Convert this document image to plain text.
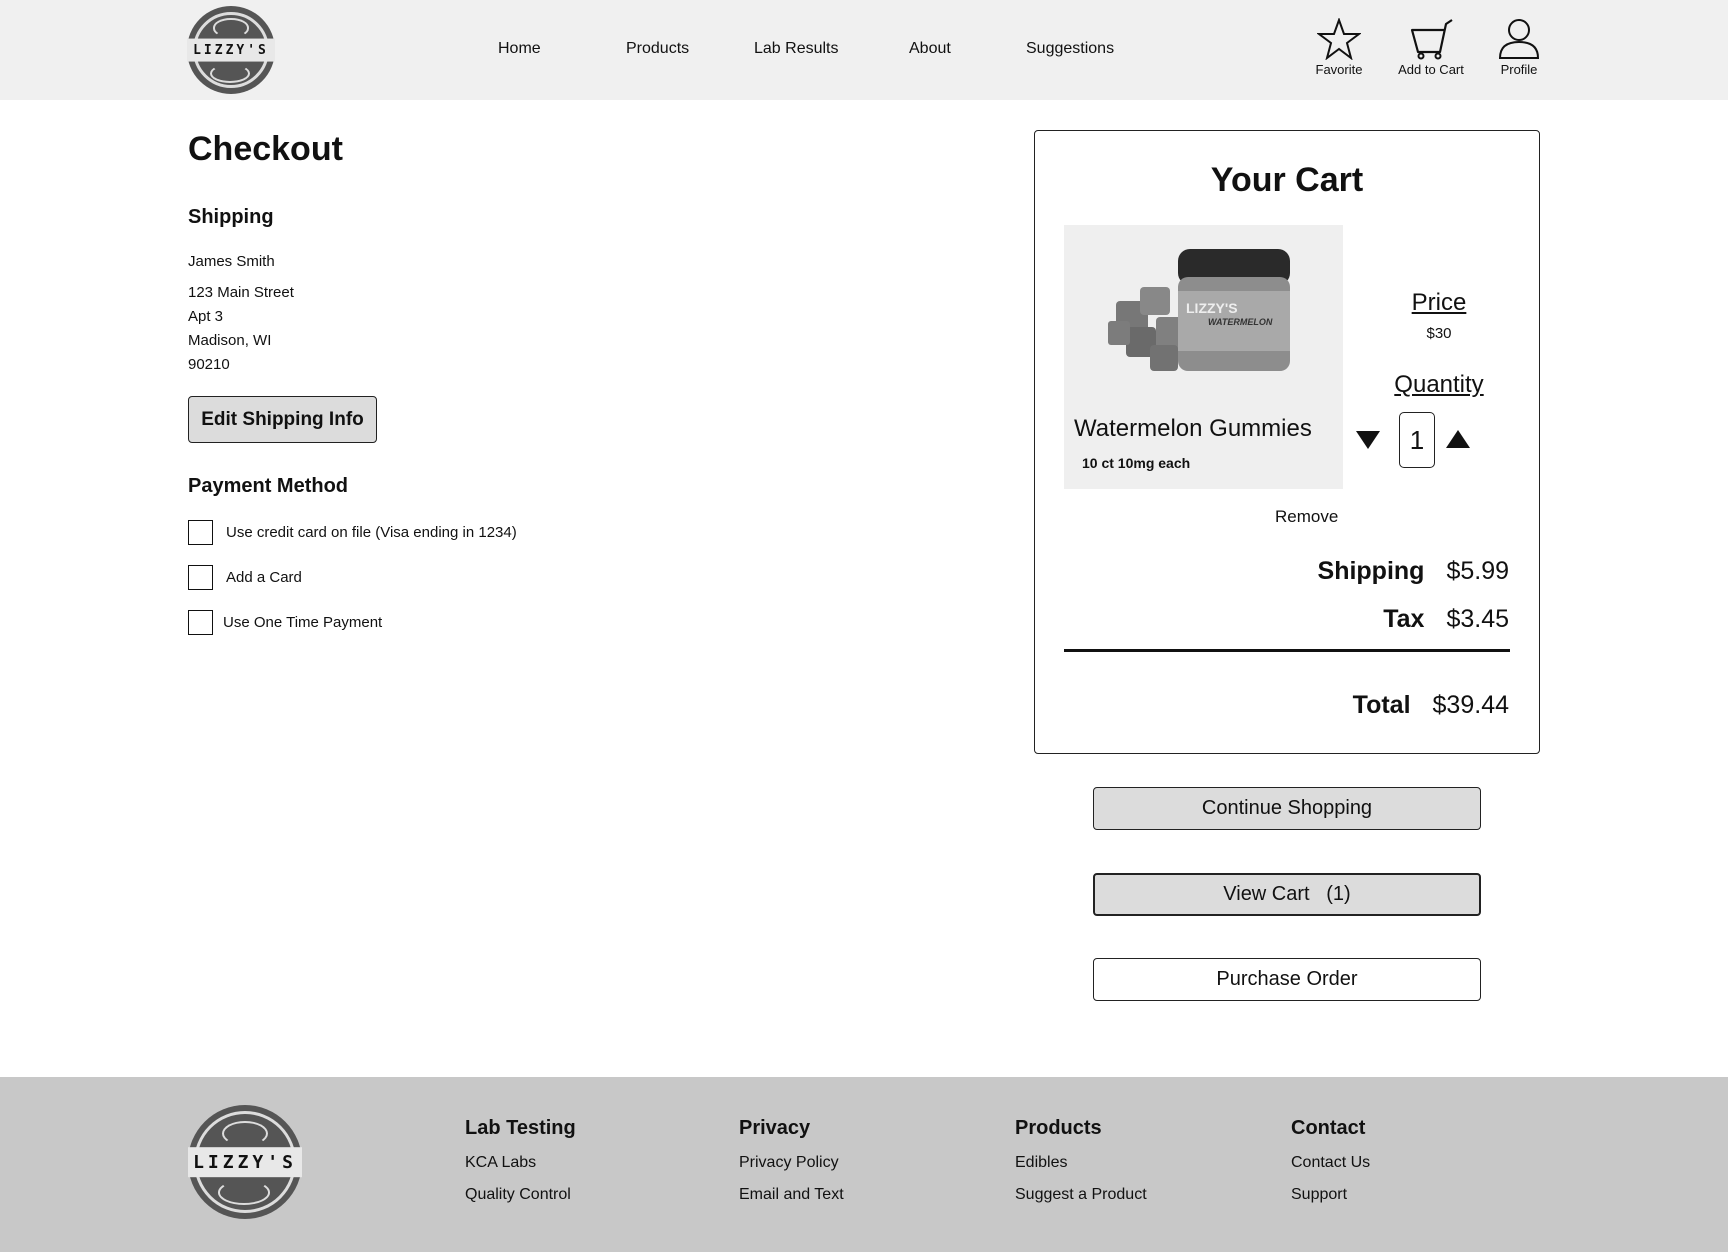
LIZZY'S	Home	Products	Lab Results	About	Suggestions
Favorite	Add to Cart	Profile
Checkout
Shipping
James Smith
123 Main Street
Apt 3
Madison, WI
90210
Edit Shipping Info
Payment Method
Use credit card on file (Visa ending in 1234)
Add a Card
Use One Time Payment
Your Cart
LIZZY'S
WATERMELON
Watermelon Gummies
10 ct 10mg each
Price
$30
Quantity
1
Remove
Shipping $5.99
Tax $3.45
Total $39.44
Continue Shopping
View Cart   (1)
Purchase Order
LIZZY'S
Lab Testing
KCA Labs
Quality Control
Privacy
Privacy Policy
Email and Text
Products
Edibles
Suggest a Product
Contact
Contact Us
Support
